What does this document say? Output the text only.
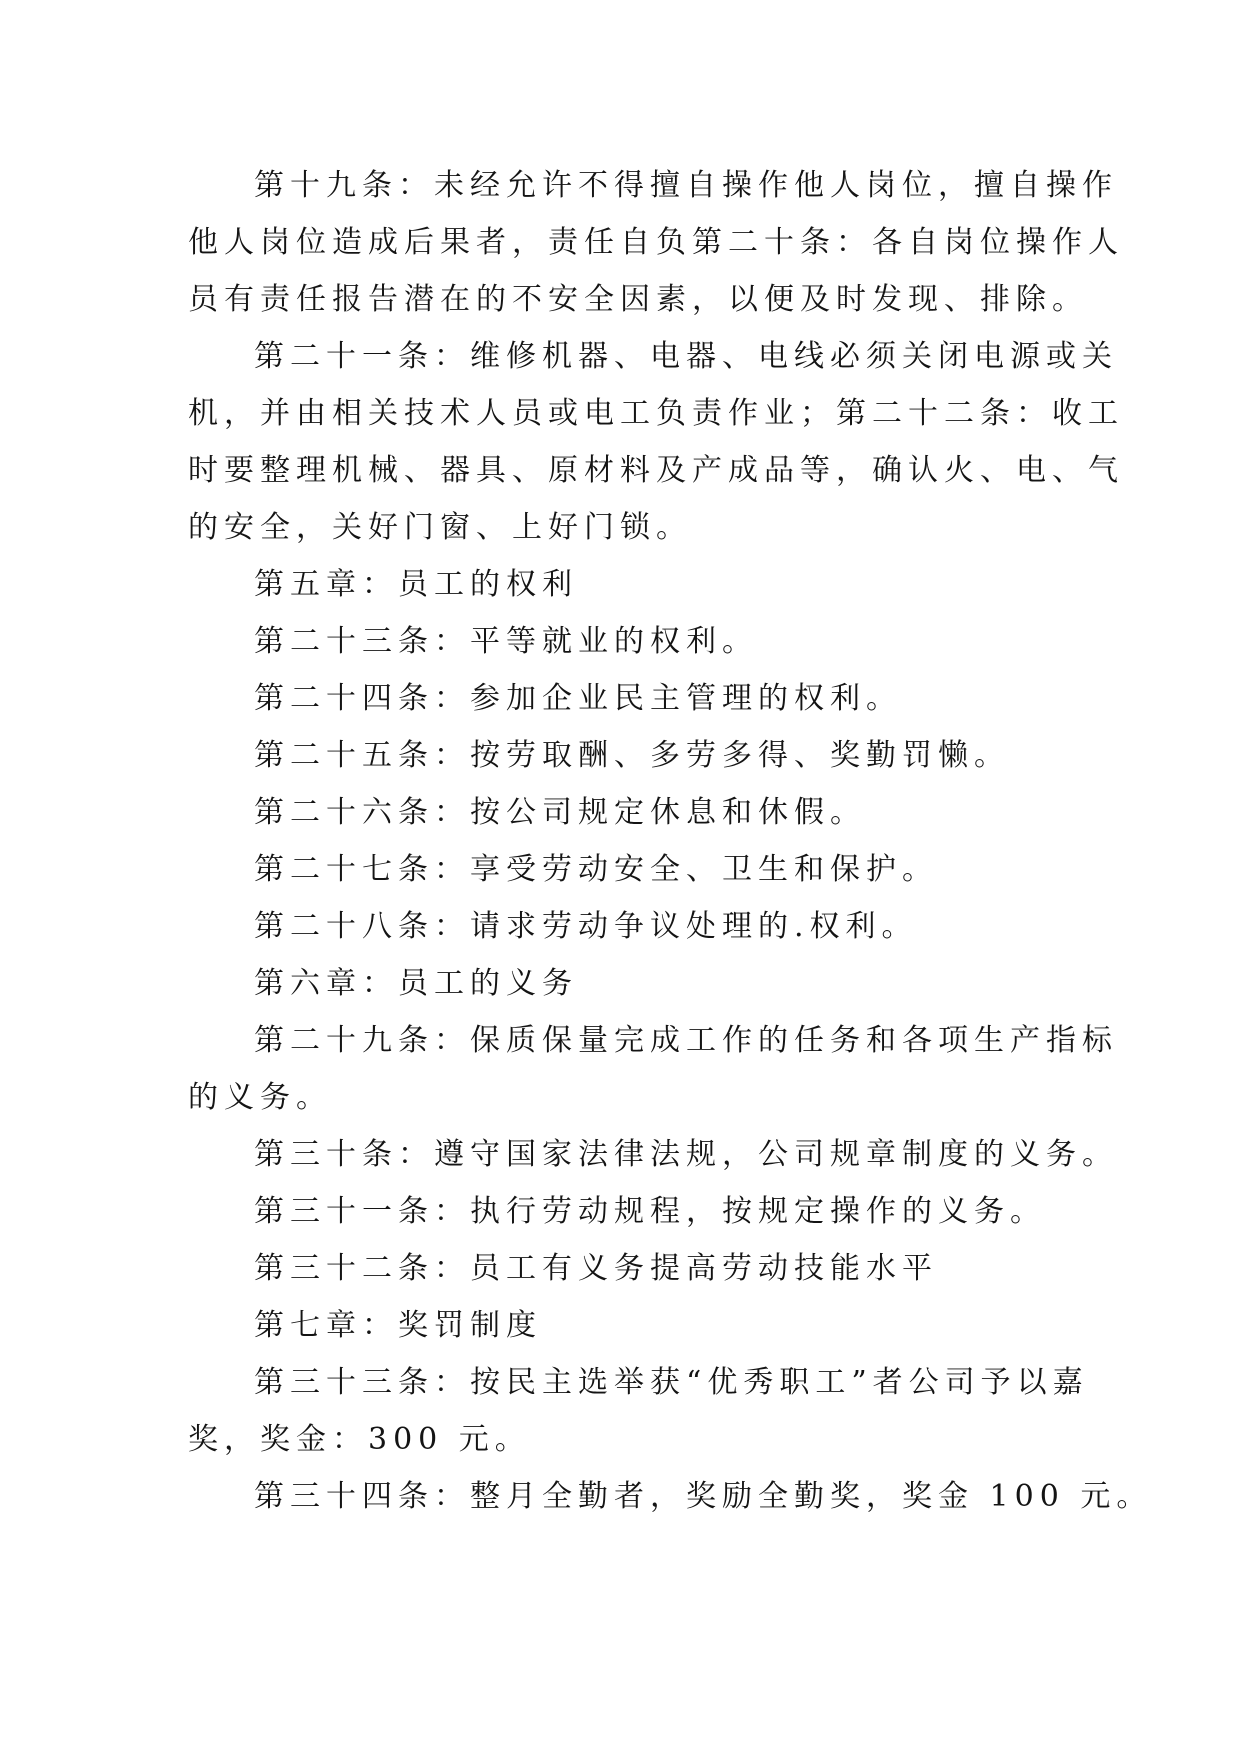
第十九条：未经允许不得擅自操作他人岗位，擅自操作

他人岗位造成后果者，责任自负第二十条：各自岗位操作人

员有责任报告潜在的不安全因素，以便及时发现、排除。

第二十一条：维修机器、电器、电线必须关闭电源或关

机，并由相关技术人员或电工负责作业；第二十二条：收工

时要整理机械、器具、原材料及产成品等，确认火、电、气

的安全，关好门窗、上好门锁。

第五章：员工的权利

第二十三条：平等就业的权利。

第二十四条：参加企业民主管理的权利。

第二十五条：按劳取酬、多劳多得、奖勤罚懒。

第二十六条：按公司规定休息和休假。

第二十七条：享受劳动安全、卫生和保护。

第二十八条：请求劳动争议处理的.权利。

第六章：员工的义务

第二十九条：保质保量完成工作的任务和各项生产指标

的义务。

第三十条：遵守国家法律法规，公司规章制度的义务。

第三十一条：执行劳动规程，按规定操作的义务。

第三十二条：员工有义务提高劳动技能水平

第七章：奖罚制度

第三十三条：按民主选举获“优秀职工”者公司予以嘉

奖，奖金：300 元。

第三十四条：整月全勤者，奖励全勤奖，奖金 100 元。
